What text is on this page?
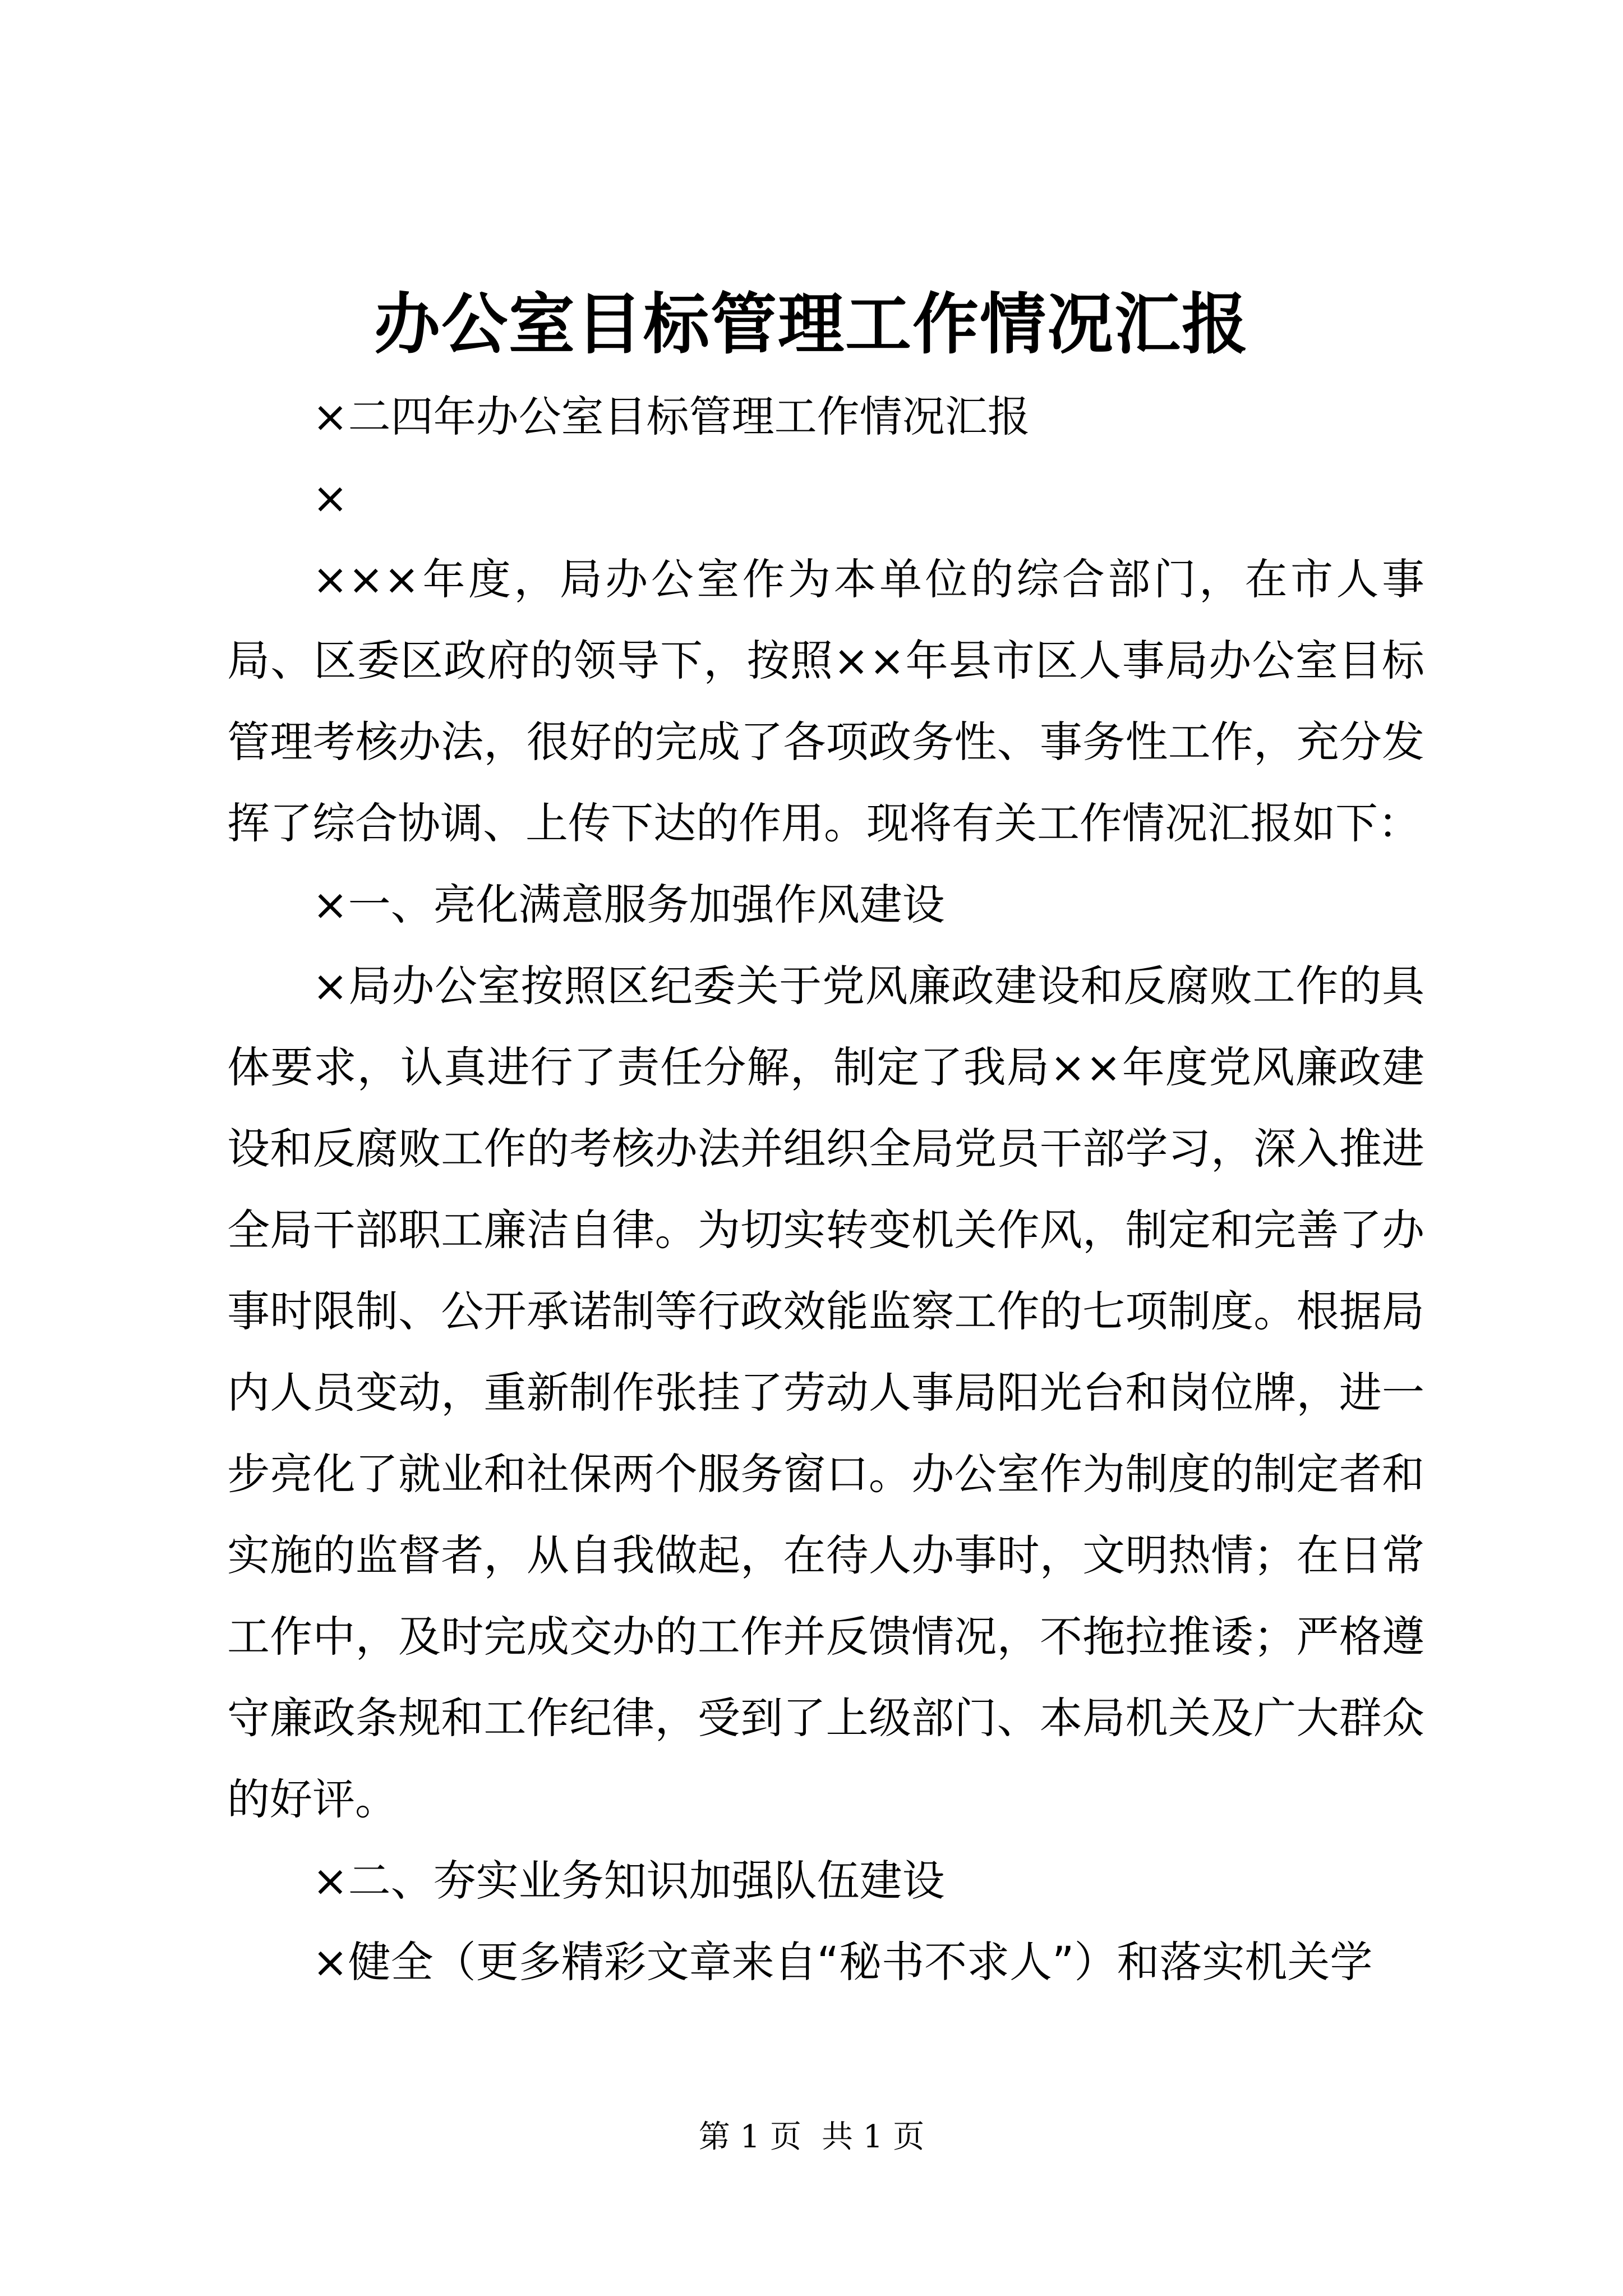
办公室目标管理工作情况汇报

×二四年办公室目标管理工作情况汇报

×

×××年度，局办公室作为本单位的综合部门，在市人事局、区委区政府的领导下，按照××年县市区人事局办公室目标管理考核办法，很好的完成了各项政务性、事务性工作，充分发挥了综合协调、上传下达的作用。现将有关工作情况汇报如下：

×一、亮化满意服务加强作风建设

×局办公室按照区纪委关于党风廉政建设和反腐败工作的具体要求，认真进行了责任分解，制定了我局××年度党风廉政建设和反腐败工作的考核办法并组织全局党员干部学习，深入推进全局干部职工廉洁自律。为切实转变机关作风，制定和完善了办事时限制、公开承诺制等行政效能监察工作的七项制度。根据局内人员变动，重新制作张挂了劳动人事局阳光台和岗位牌，进一步亮化了就业和社保两个服务窗口。办公室作为制度的制定者和实施的监督者，从自我做起，在待人办事时，文明热情；在日常工作中，及时完成交办的工作并反馈情况，不拖拉推诿；严格遵守廉政条规和工作纪律，受到了上级部门、本局机关及广大群众的好评。

×二、夯实业务知识加强队伍建设

×健全（更多精彩文章来自“秘书不求人”）和落实机关学

第 1 页 共 1 页
